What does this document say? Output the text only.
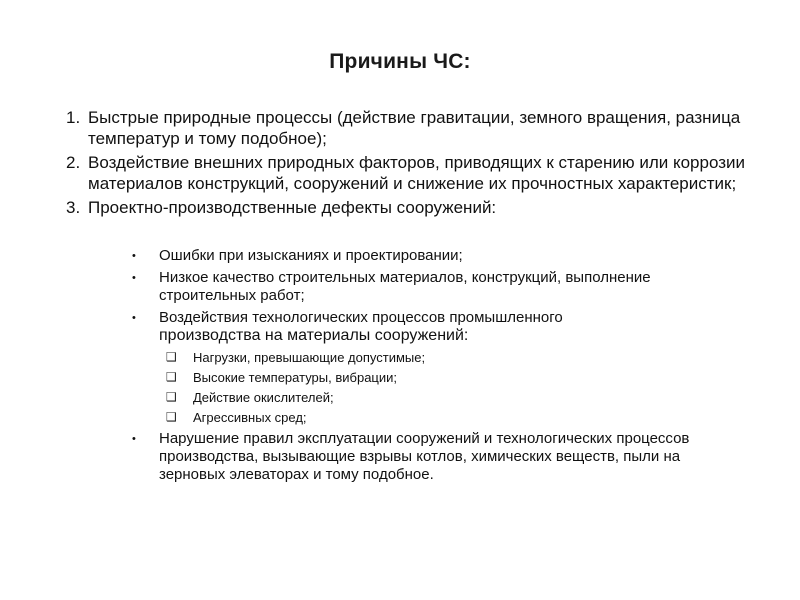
Причины ЧС:
1. Быстрые природные процессы (действие гравитации, земного вращения, разница температур и тому подобное);
2. Воздействие внешних природных факторов, приводящих к старению или коррозии материалов конструкций, сооружений и снижение их прочностных характеристик;
3. Проектно-производственные дефекты сооружений:
•	Ошибки при изысканиях и проектировании;
•	Низкое качество строительных материалов, конструкций, выполнение строительных работ;
•	Воздействия технологических процессов промышленного
производства на материалы сооружений:
❑	Нагрузки, превышающие допустимые;
❑	Высокие температуры, вибрации;
❑	Действие окислителей;
❑	Агрессивных сред;
•	Нарушение правил эксплуатации сооружений и технологических процессов производства, вызывающие взрывы котлов, химических веществ, пыли на зерновых элеваторах и тому подобное.
